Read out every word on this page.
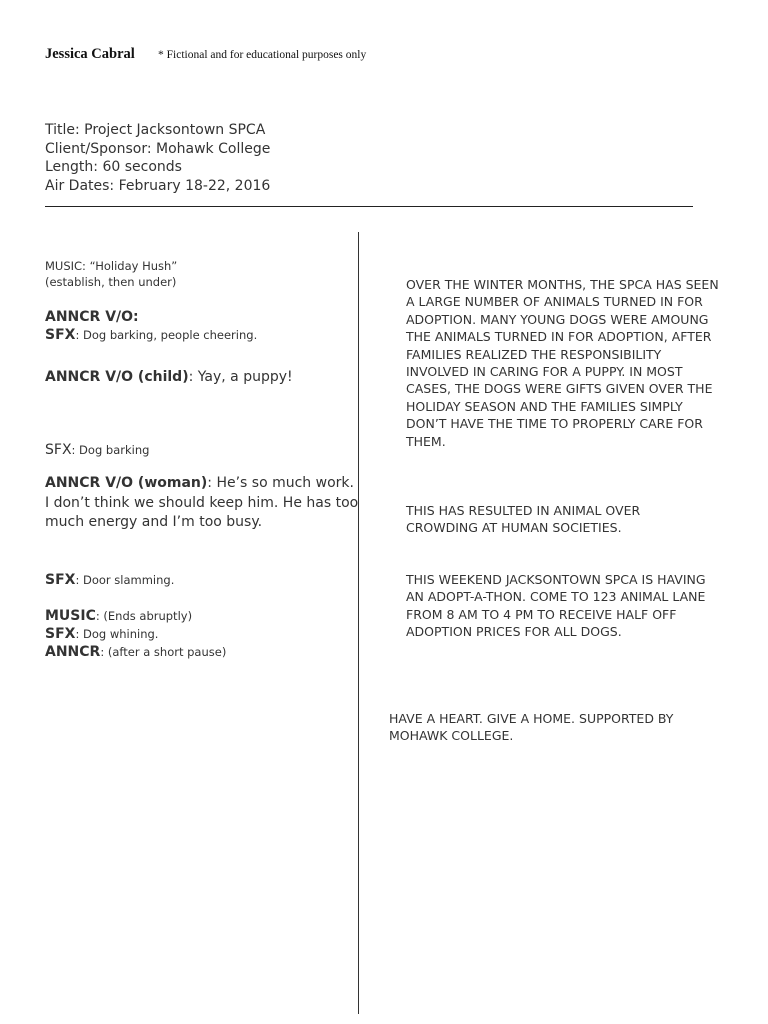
Jessica Cabral * Fictional and for educational purposes only
Title: Project Jacksontown SPCA
Client/Sponsor: Mohawk College
Length: 60 seconds
Air Dates: February 18-22, 2016
MUSIC: “Holiday Hush”
(establish, then under)
ANNCR V/O:
SFX: Dog barking, people cheering.
ANNCR V/O (child): Yay, a puppy!
SFX: Dog barking
ANNCR V/O (woman): He’s so much work. I don’t think we should keep him. He has too much energy and I’m too busy.
SFX: Door slamming.
MUSIC: (Ends abruptly)
SFX: Dog whining.
ANNCR: (after a short pause)
OVER THE WINTER MONTHS, THE SPCA HAS SEEN A LARGE NUMBER OF ANIMALS TURNED IN FOR ADOPTION. MANY YOUNG DOGS WERE AMOUNG THE ANIMALS TURNED IN FOR ADOPTION, AFTER FAMILIES REALIZED THE RESPONSIBILITY INVOLVED IN CARING FOR A PUPPY. IN MOST CASES, THE DOGS WERE GIFTS GIVEN OVER THE HOLIDAY SEASON AND THE FAMILIES SIMPLY DON’T HAVE THE TIME TO PROPERLY CARE FOR THEM.
THIS HAS RESULTED IN ANIMAL OVER CROWDING AT HUMAN SOCIETIES.
THIS WEEKEND JACKSONTOWN SPCA IS HAVING AN ADOPT-A-THON. COME TO 123 ANIMAL LANE FROM 8 AM TO 4 PM TO RECEIVE HALF OFF ADOPTION PRICES FOR ALL DOGS.
HAVE A HEART. GIVE A HOME. SUPPORTED BY MOHAWK COLLEGE.
